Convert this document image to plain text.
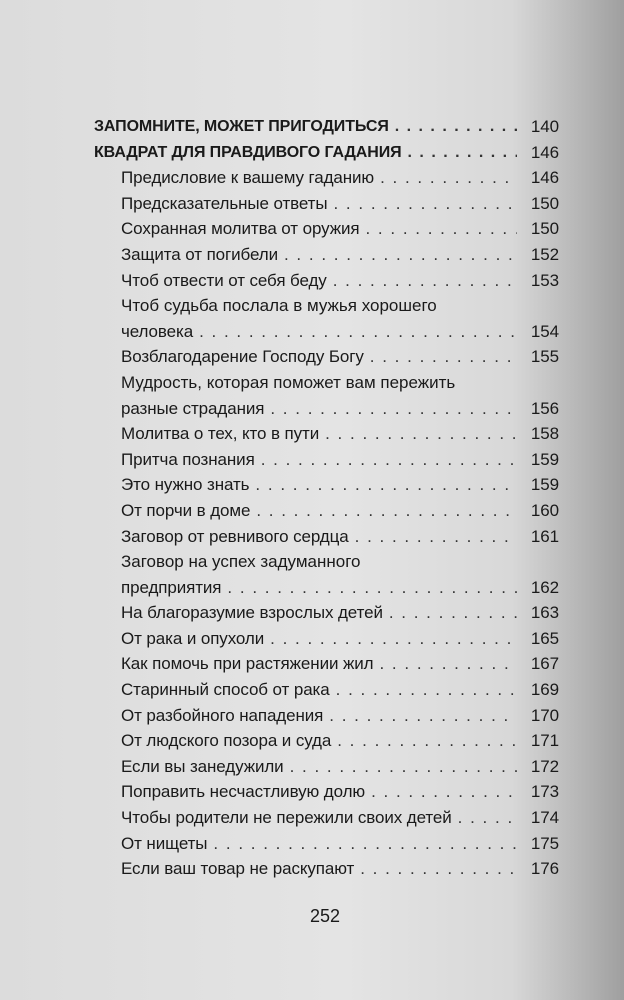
ЗАПОМНИТЕ, МОЖЕТ ПРИГОДИТЬСЯ . . .	140
КВАДРАТ ДЛЯ ПРАВДИВОГО ГАДАНИЯ . . .	146
Предисловие к вашему гаданию . . .	146
Предсказательные ответы . . .	150
Сохранная молитва от оружия . . .	150
Защита от погибели . . .	152
Чтоб отвести от себя беду . . .	153
Чтоб судьба послала в мужья хорошего
человека . . .	154
Возблагодарение Господу Богу . . .	155
Мудрость, которая поможет вам пережить
разные страдания . . .	156
Молитва о тех, кто в пути . . .	158
Притча познания . . .	159
Это нужно знать . . .	159
От порчи в доме . . .	160
Заговор от ревнивого сердца . . .	161
Заговор на успех задуманного
предприятия . . .	162
На благоразумие взрослых детей . . .	163
От рака и опухоли . . .	165
Как помочь при растяжении жил . . .	167
Старинный способ от рака . . .	169
От разбойного нападения . . .	170
От людского позора и суда . . .	171
Если вы занедужили . . .	172
Поправить несчастливую долю . . .	173
Чтобы родители не пережили своих детей . . .	174
От нищеты . . .	175
Если ваш товар не раскупают . . .	176
252
